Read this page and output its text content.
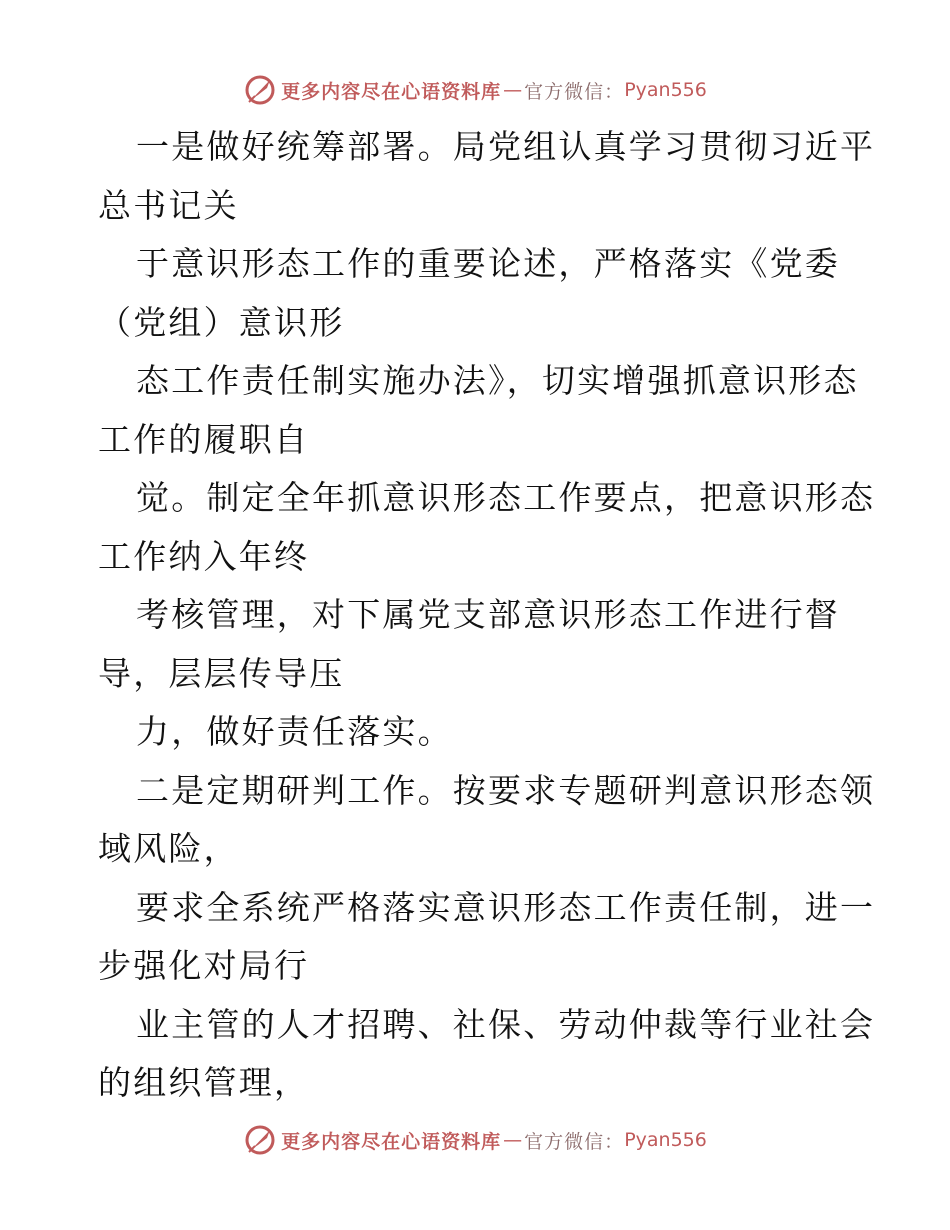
更多内容尽在心语资料库 — 官方微信： Pyan556
一是做好统筹部署。局党组认真学习贯彻习近平
总书记关
于意识形态工作的重要论述，严格落实《党委
（党组）意识形
态工作责任制实施办法》，切实增强抓意识形态
工作的履职自
觉。制定全年抓意识形态工作要点，把意识形态
工作纳入年终
考核管理，对下属党支部意识形态工作进行督
导，层层传导压
力，做好责任落实。
二是定期研判工作。按要求专题研判意识形态领
域风险，
要求全系统严格落实意识形态工作责任制，进一
步强化对局行
业主管的人才招聘、社保、劳动仲裁等行业社会
的组织管理，
更多内容尽在心语资料库 — 官方微信： Pyan556
